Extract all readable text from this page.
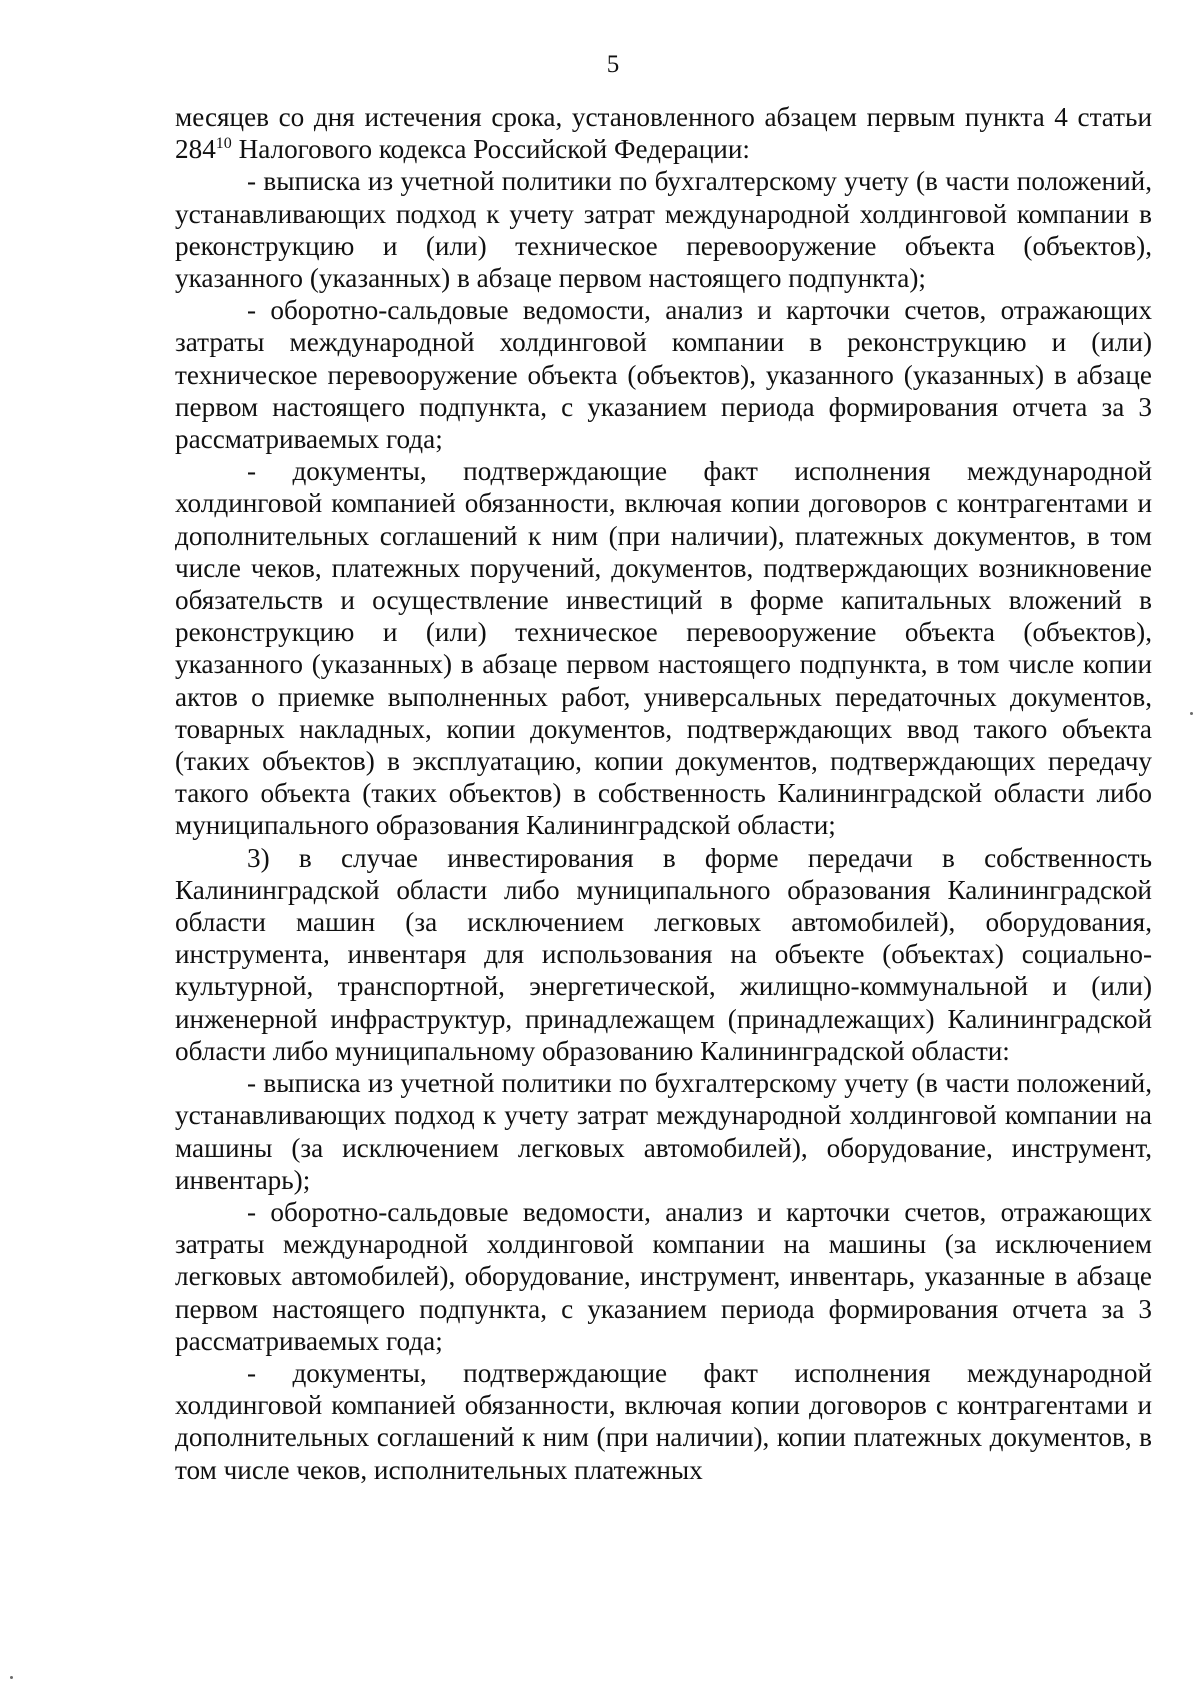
5

месяцев со дня истечения срока, установленного абзацем первым пункта 4 статьи $284^{10}$ Налогового кодекса Российской Федерации:

- выписка из учетной политики по бухгалтерскому учету (в части положений, устанавливающих подход к учету затрат международной холдинговой компании в реконструкцию и (или) техническое перевооружение объекта (объектов), указанного (указанных) в абзаце первом настоящего подпункта);

- оборотно-сальдовые ведомости, анализ и карточки счетов, отражающих затраты международной холдинговой компании в реконструкцию и (или) техническое перевооружение объекта (объектов), указанного (указанных) в абзаце первом настоящего подпункта, с указанием периода формирования отчета за 3 рассматриваемых года;

- документы, подтверждающие факт исполнения международной холдинговой компанией обязанности, включая копии договоров с контрагентами и дополнительных соглашений к ним (при наличии), платежных документов, в том числе чеков, платежных поручений, документов, подтверждающих возникновение обязательств и осуществление инвестиций в форме капитальных вложений в реконструкцию и (или) техническое перевооружение объекта (объектов), указанного (указанных) в абзаце первом настоящего подпункта, в том числе копии актов о приемке выполненных работ, универсальных передаточных документов, товарных накладных, копии документов, подтверждающих ввод такого объекта (таких объектов) в эксплуатацию, копии документов, подтверждающих передачу такого объекта (таких объектов) в собственность Калининградской области либо муниципального образования Калининградской области;

3) в случае инвестирования в форме передачи в собственность Калининградской области либо муниципального образования Калининградской области машин (за исключением легковых автомобилей), оборудования, инструмента, инвентаря для использования на объекте (объектах) социально-культурной, транспортной, энергетической, жилищно-коммунальной и (или) инженерной инфраструктур, принадлежащем (принадлежащих) Калининградской области либо муниципальному образованию Калининградской области:

- выписка из учетной политики по бухгалтерскому учету (в части положений, устанавливающих подход к учету затрат международной холдинговой компании на машины (за исключением легковых автомобилей), оборудование, инструмент, инвентарь);

- оборотно-сальдовые ведомости, анализ и карточки счетов, отражающих затраты международной холдинговой компании на машины (за исключением легковых автомобилей), оборудование, инструмент, инвентарь, указанные в абзаце первом настоящего подпункта, с указанием периода формирования отчета за 3 рассматриваемых года;

- документы, подтверждающие факт исполнения международной холдинговой компанией обязанности, включая копии договоров с контрагентами и дополнительных соглашений к ним (при наличии), копии платежных документов, в том числе чеков, исполнительных платежных
